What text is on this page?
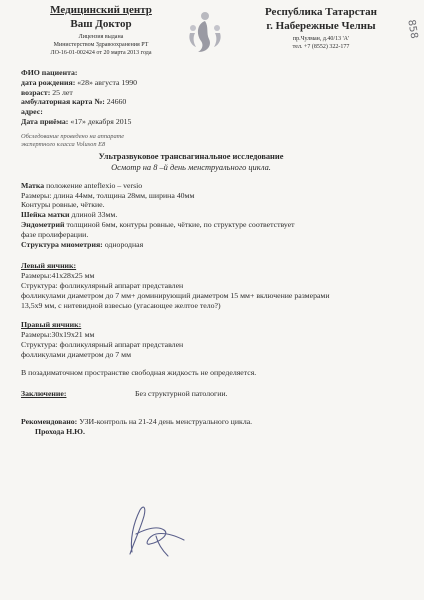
Медицинский центр
Ваш Доктор
Лицензия выдана
Министерством Здравоохранения РТ
ЛО-16-01-002424 от 20 марта 2013 года
Республика Татарстан
г. Набережные Челны
пр.Чулман, д.40/13 'А'
тел. +7 (8552) 322-177
858
ФИО пациента:
дата рождения: «28» августа 1990
возраст: 25 лет
амбулаторная карта №: 24660
адрес:
Дата приёма: «17» декабря 2015
Обследование проведено на аппарате
экспертного класса Voluson E8
Ультразвуковое трансвагинальное исследование
Осмотр на 8 –й день менструального цикла.
Матка положение anteflexio – versio
Размеры: длина 44мм, толщина 28мм, ширина 40мм
Контуры ровные, чёткие.
Шейка матки длиной 33мм.
Эндометрий толщиной 6мм, контуры ровные, чёткие, по структуре соответствует
фазе пролиферации.
Структура миометрия: однородная
Левый яичник:
Размеры:41х28х25 мм
Структура: фолликулярный аппарат представлен
фолликулами диаметром до 7 мм+ доминирующий диаметром 15 мм+ включение размерами
13,5х9 мм, с нитевидной взвесью (угасающее желтое тело?)
Правый яичник:
Размеры:30х19х21 мм
Структура: фолликулярный аппарат представлен
фолликулами диаметром до 7 мм
В позадиматочном пространстве свободная жидкость не определяется.
Заключение:	Без структурной патологии.
Рекомендовано: УЗИ-контроль на 21-24 день менструального цикла.
Прохода Н.Ю.
